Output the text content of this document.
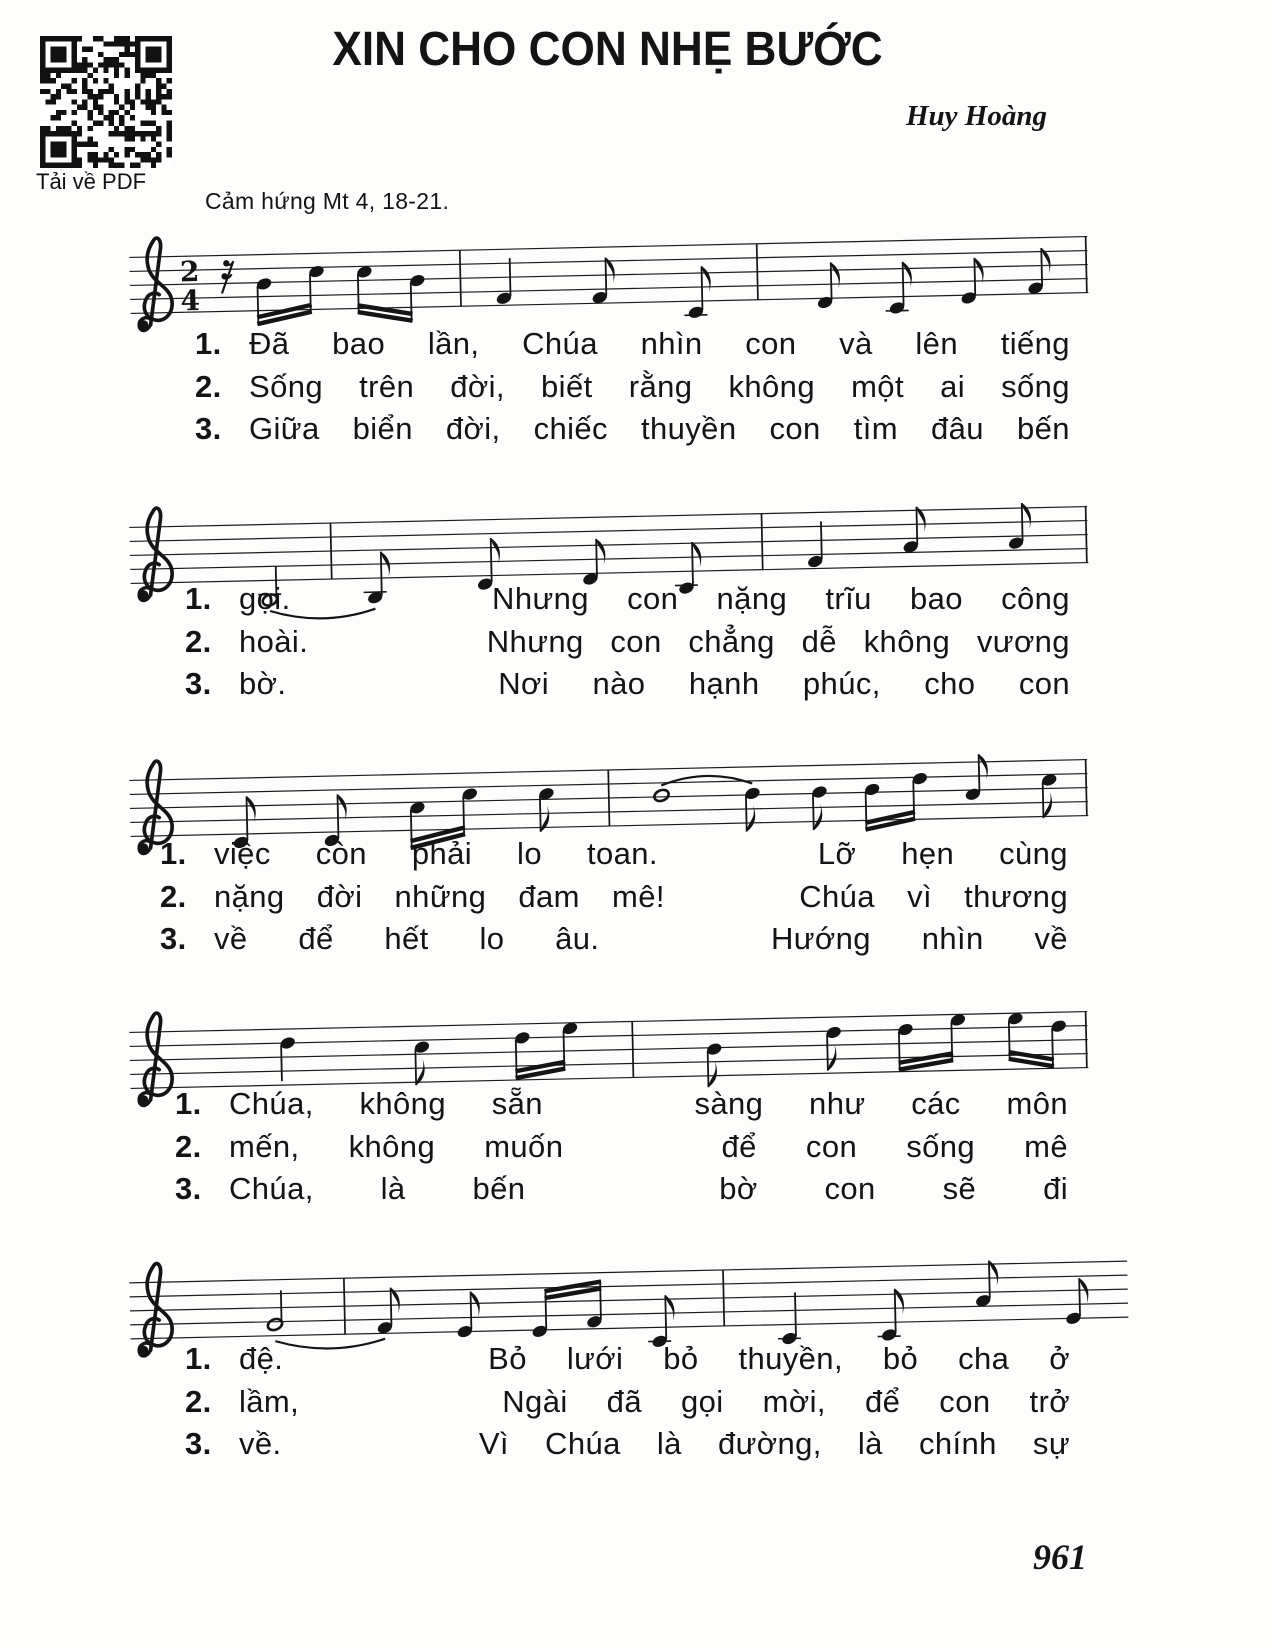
Tải về PDF
XIN CHO CON NHẸ BƯỚC
Huy Hoàng
Cảm hứng Mt 4, 18-21.
2
4
1. Đã bao lần, Chúa nhìn con và lên tiếng
2. Sống trên đời, biết rằng không một ai sống
3. Giữa biển đời, chiếc thuyền con tìm đâu bến
1. gọi.	Nhưng con nặng trĩu bao công
2. hoài.	Nhưng con chẳng dễ không vương
3. bờ.	Nơi nào hạnh phúc, cho con
1. việc còn phải lo toan.	Lỡ hẹn cùng
2. nặng đời những đam mê!	Chúa vì thương
3. về để hết lo âu.	Hướng nhìn về
1. Chúa, không sẵn	sàng như các môn
2. mến, không muốn	để con sống mê
3. Chúa, là bến	bờ con sẽ đi
1. đệ.	Bỏ lưới bỏ thuyền, bỏ cha ở
2. lầm,	Ngài đã gọi mời, để con trở
3. về.	Vì Chúa là đường, là chính sự
961
